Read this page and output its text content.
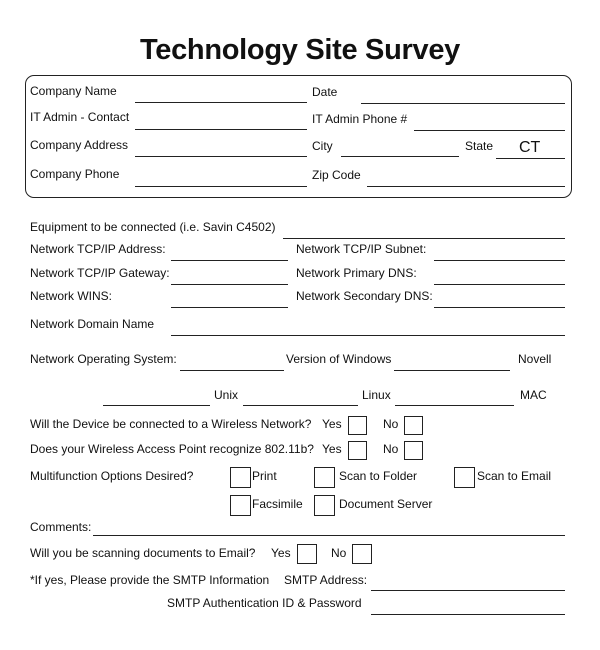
Technology Site Survey
Company Name	Date
IT Admin - Contact	IT Admin Phone #
Company Address	City	State CT
Company Phone	Zip Code
Equipment to be connected (i.e. Savin C4502)
Network TCP/IP Address:	Network TCP/IP Subnet:
Network TCP/IP Gateway:	Network Primary DNS:
Network WINS:	Network Secondary DNS:
Network Domain Name
Network Operating System:	Version of Windows	Novell
Unix	Linux	MAC
Will the Device be connected to a Wireless Network? Yes	No
Does your Wireless Access Point recognize 802.11b? Yes	No
Multifunction Options Desired?	Print	Scan to Folder	Scan to Email
Facsimile	Document Server
Comments:
Will you be scanning documents to Email? Yes	No
*If yes, Please provide the SMTP Information SMTP Address:
SMTP Authentication ID & Password
